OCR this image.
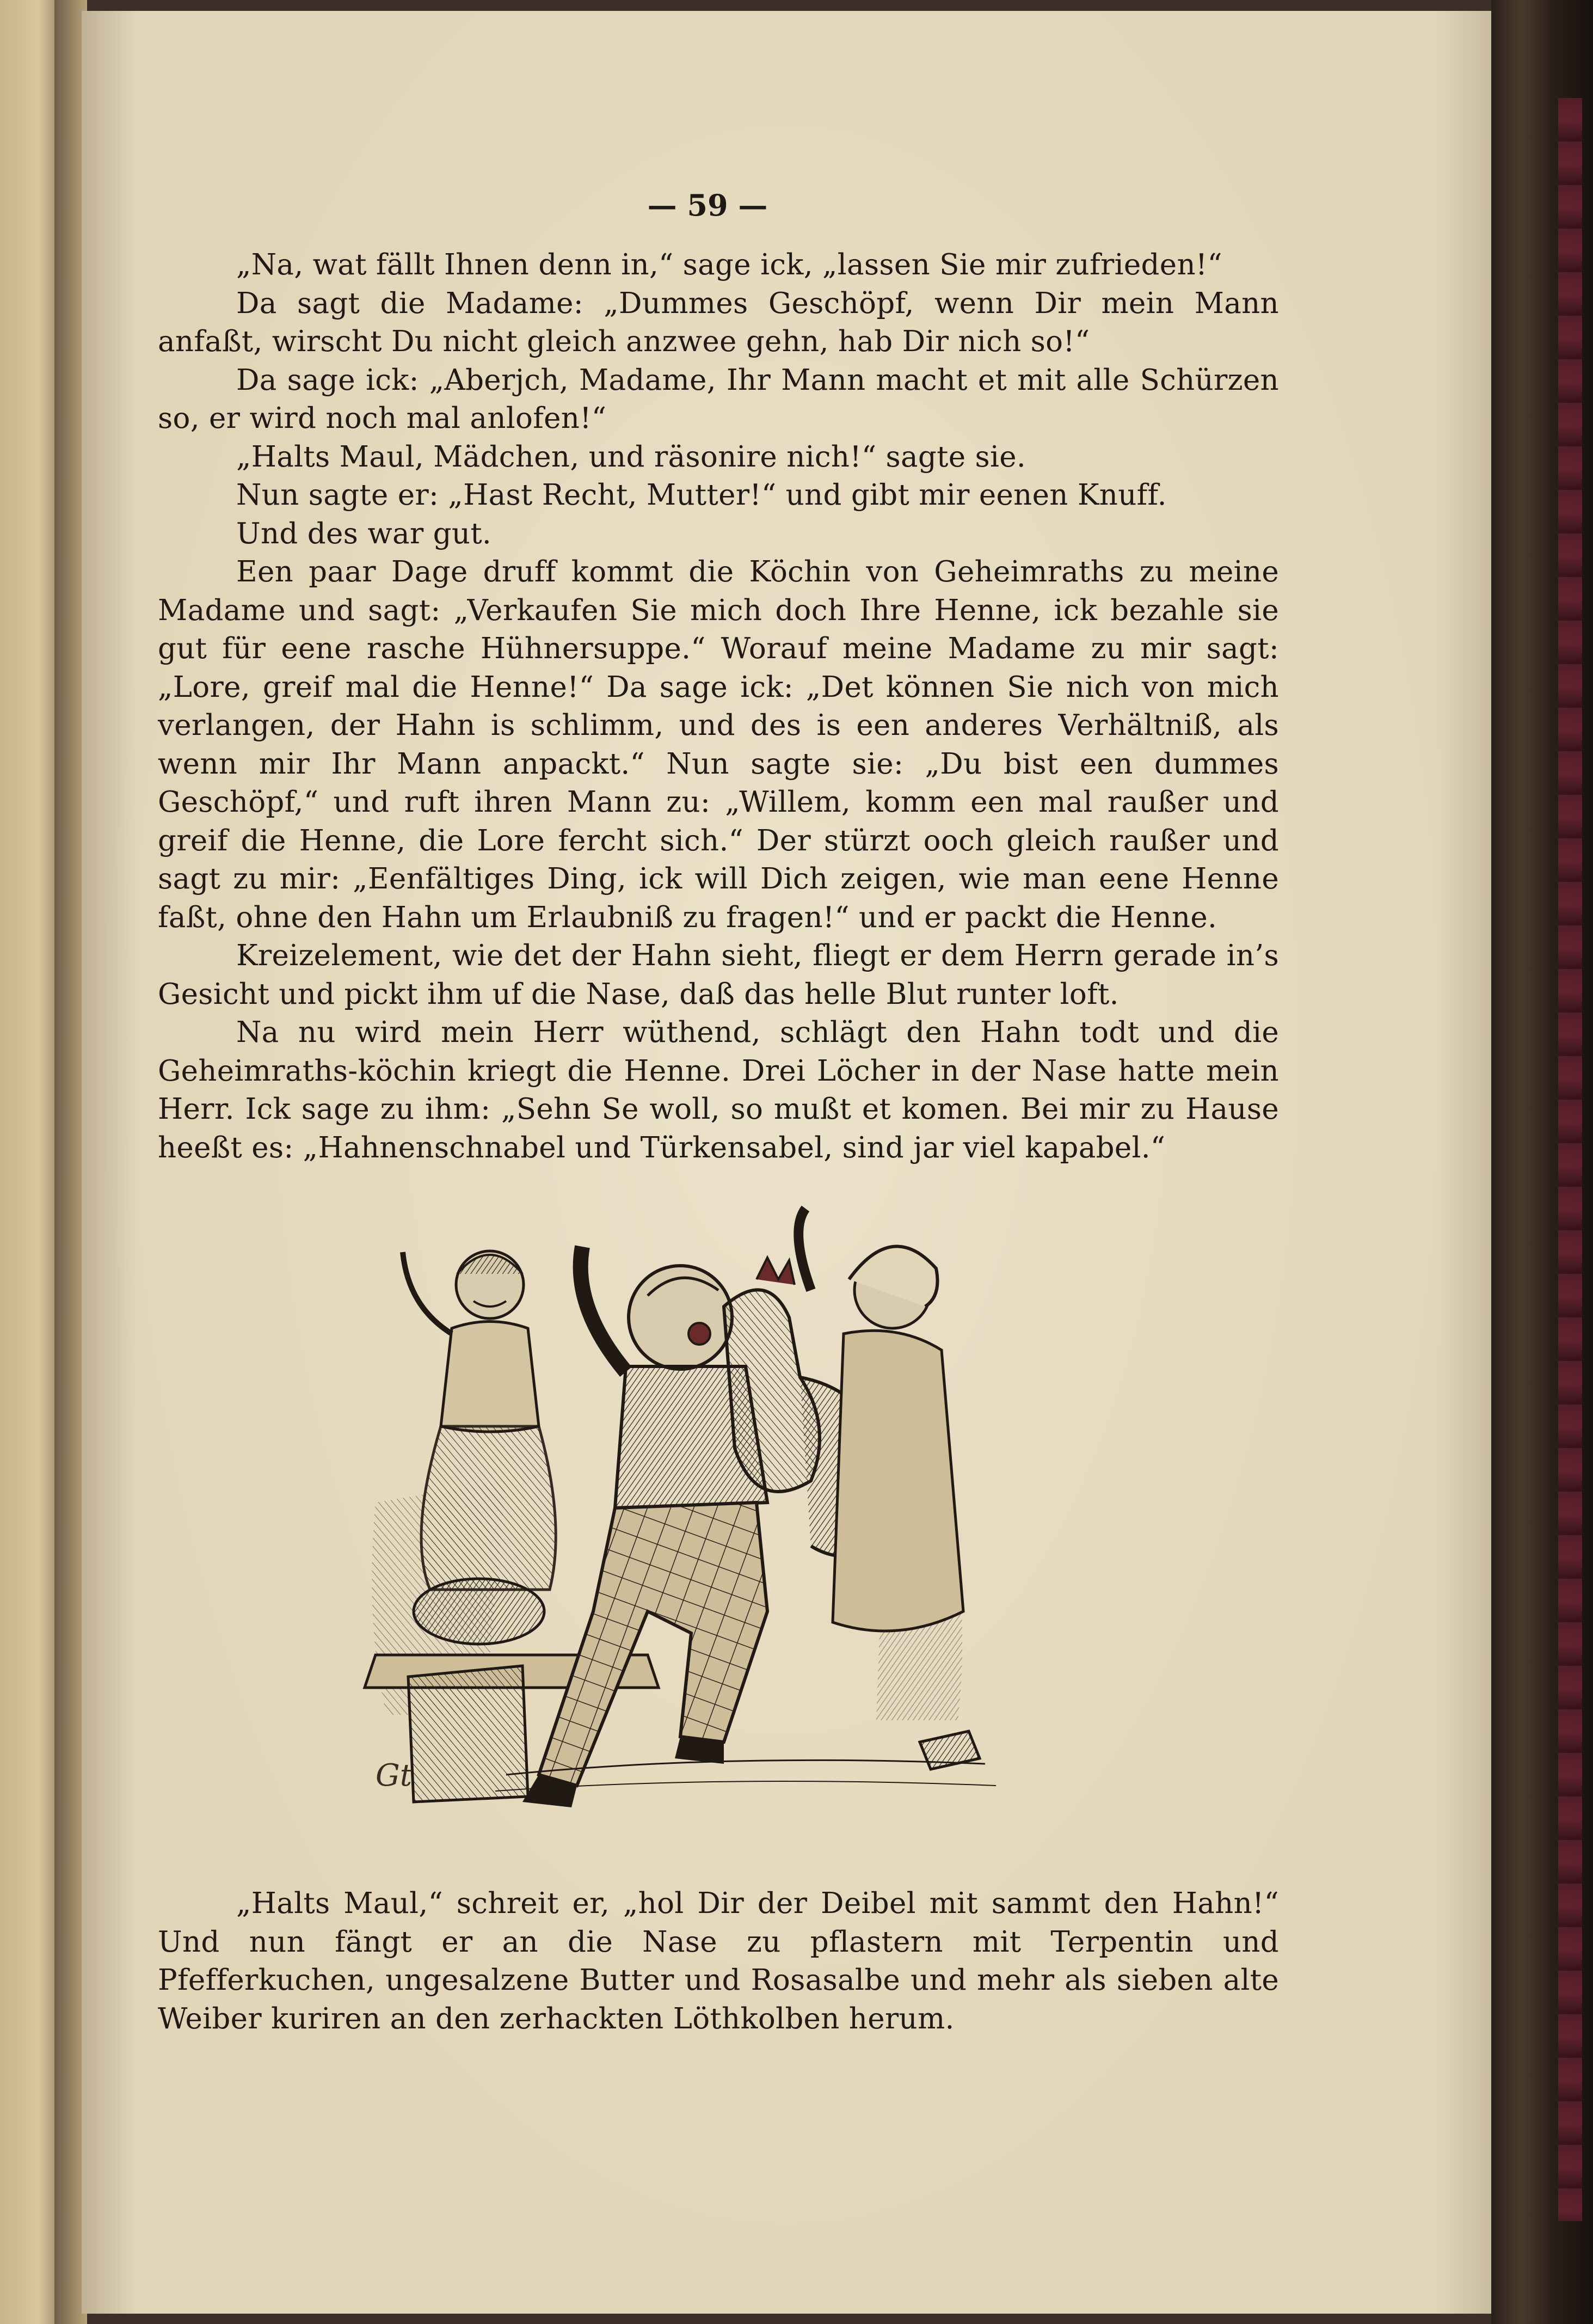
— 59 —

„Na, wat fällt Ihnen denn in,“ sage ick, „lassen Sie mir zufrieden!“

Da sagt die Madame: „Dummes Geschöpf, wenn Dir mein Mann anfaßt, wirscht Du nicht gleich anzwee gehn, hab Dir nich so!“

Da sage ick: „Aberjch, Madame, Ihr Mann macht et mit alle Schürzen so, er wird noch mal anlofen!“

„Halts Maul, Mädchen, und räsonire nich!“ sagte sie.

Nun sagte er: „Hast Recht, Mutter!“ und gibt mir eenen Knuff.

Und des war gut.

Een paar Dage druff kommt die Köchin von Geheimraths zu meine Madame und sagt: „Verkaufen Sie mich doch Ihre Henne, ick bezahle sie gut für eene rasche Hühnersuppe.“ Worauf meine Madame zu mir sagt: „Lore, greif mal die Henne!“ Da sage ick: „Det können Sie nich von mich verlangen, der Hahn is schlimm, und des is een anderes Verhältniß, als wenn mir Ihr Mann anpackt.“ Nun sagte sie: „Du bist een dummes Geschöpf,“ und ruft ihren Mann zu: „Willem, komm een mal raußer und greif die Henne, die Lore fercht sich.“ Der stürzt ooch gleich raußer und sagt zu mir: „Eenfältiges Ding, ick will Dich zeigen, wie man eene Henne faßt, ohne den Hahn um Erlaubniß zu fragen!“ und er packt die Henne.

Kreizelement, wie det der Hahn sieht, fliegt er dem Herrn gerade in’s Gesicht und pickt ihm uf die Nase, daß das helle Blut runter loft.

Na nu wird mein Herr wüthend, schlägt den Hahn todt und die Geheimraths-köchin kriegt die Henne. Drei Löcher in der Nase hatte mein Herr. Ick sage zu ihm: „Sehn Se woll, so mußt et komen. Bei mir zu Hause heeßt es: „Hahnenschnabel und Türkensabel, sind jar viel kapabel.“

Gt

„Halts Maul,“ schreit er, „hol Dir der Deibel mit sammt den Hahn!“ Und nun fängt er an die Nase zu pflastern mit Terpentin und Pfefferkuchen, ungesalzene Butter und Rosasalbe und mehr als sieben alte Weiber kuriren an den zerhackten Löthkolben herum.
